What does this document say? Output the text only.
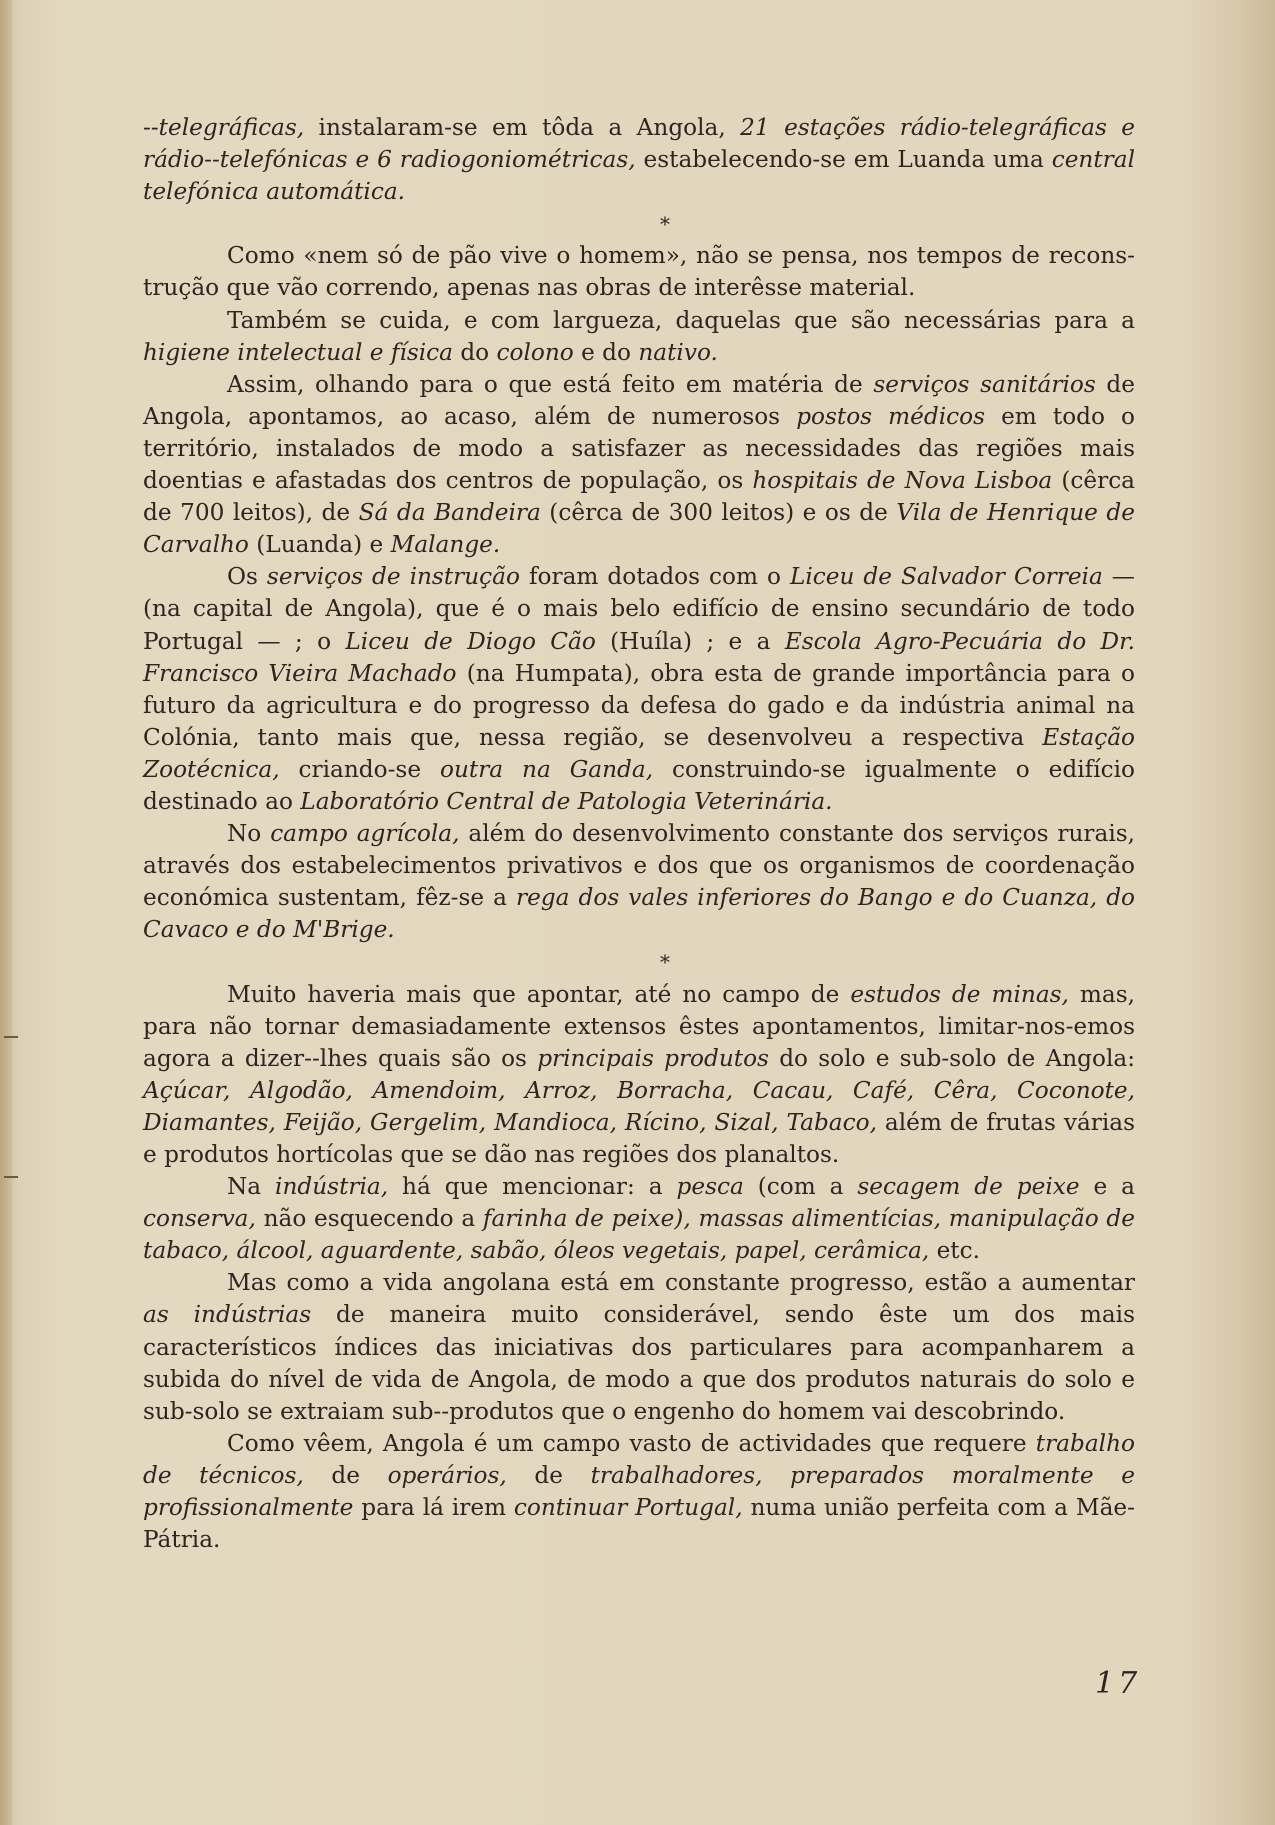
--telegráficas, instalaram-se em tôda a Angola, 21 estações rádio-telegráficas e rádio--telefónicas e 6 radiogoniométricas, estabelecendo-se em Luanda uma central telefónica automática.

*

Como «nem só de pão vive o homem», não se pensa, nos tempos de reconstrução que vão correndo, apenas nas obras de interêsse material.

Também se cuida, e com largueza, daquelas que são necessárias para a higiene intelectual e física do colono e do nativo.

Assim, olhando para o que está feito em matéria de serviços sanitários de Angola, apontamos, ao acaso, além de numerosos postos médicos em todo o território, instalados de modo a satisfazer as necessidades das regiões mais doentias e afastadas dos centros de população, os hospitais de Nova Lisboa (cêrca de 700 leitos), de Sá da Bandeira (cêrca de 300 leitos) e os de Vila de Henrique de Carvalho (Luanda) e Malange.

Os serviços de instrução foram dotados com o Liceu de Salvador Correia — (na capital de Angola), que é o mais belo edifício de ensino secundário de todo Portugal — ; o Liceu de Diogo Cão (Huíla) ; e a Escola Agro-Pecuária do Dr. Francisco Vieira Machado (na Humpata), obra esta de grande importância para o futuro da agricultura e do progresso da defesa do gado e da indústria animal na Colónia, tanto mais que, nessa região, se desenvolveu a respectiva Estação Zootécnica, criando-se outra na Ganda, construindo-se igualmente o edifício destinado ao Laboratório Central de Patologia Veterinária.

No campo agrícola, além do desenvolvimento constante dos serviços rurais, através dos estabelecimentos privativos e dos que os organismos de coordenação económica sustentam, fêz-se a rega dos vales inferiores do Bango e do Cuanza, do Cavaco e do M'Brige.

*

Muito haveria mais que apontar, até no campo de estudos de minas, mas, para não tornar demasiadamente extensos êstes apontamentos, limitar-nos-emos agora a dizer--lhes quais são os principais produtos do solo e sub-solo de Angola: Açúcar, Algodão, Amendoim, Arroz, Borracha, Cacau, Café, Cêra, Coconote, Diamantes, Feijão, Gergelim, Mandioca, Rícino, Sizal, Tabaco, além de frutas várias e produtos hortícolas que se dão nas regiões dos planaltos.

Na indústria, há que mencionar: a pesca (com a secagem de peixe e a conserva, não esquecendo a farinha de peixe), massas alimentícias, manipulação de tabaco, álcool, aguardente, sabão, óleos vegetais, papel, cerâmica, etc.

Mas como a vida angolana está em constante progresso, estão a aumentar as indústrias de maneira muito considerável, sendo êste um dos mais característicos índices das iniciativas dos particulares para acompanharem a subida do nível de vida de Angola, de modo a que dos produtos naturais do solo e sub-solo se extraiam sub--produtos que o engenho do homem vai descobrindo.

Como vêem, Angola é um campo vasto de actividades que requere trabalho de técnicos, de operários, de trabalhadores, preparados moralmente e profissionalmente para lá irem continuar Portugal, numa união perfeita com a Mãe-Pátria.

17
